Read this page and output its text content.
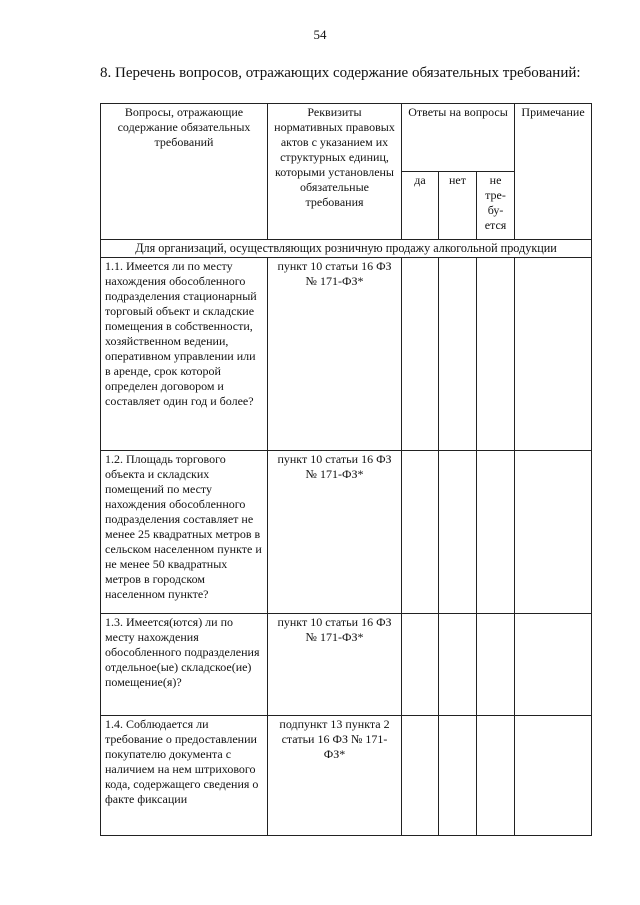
54
8. Перечень вопросов, отражающих содержание обязательных требований:
Вопросы, отражающие содержание обязательных требований	Реквизиты нормативных правовых актов с указанием их структурных единиц, которыми установлены обязательные требования	Ответы на вопросы			Примечание
		да	нет	не тре-бу-ется	
Для организаций, осуществляющих розничную продажу алкогольной продукции					
1.1. Имеется ли по месту нахождения обособленного подразделения стационарный торговый объект и складские помещения в собственности, хозяйственном ведении, оперативном управлении или в аренде, срок которой определен договором и составляет один год и более?	пункт 10 статьи 16 ФЗ № 171-ФЗ*				
1.2. Площадь торгового объекта и складских помещений по месту нахождения обособленного подразделения составляет не менее 25 квадратных метров в сельском населенном пункте и не менее 50 квадратных метров в городском населенном пункте?	пункт 10 статьи 16 ФЗ № 171-ФЗ*				
1.3. Имеется(ются) ли по месту нахождения обособленного подразделения отдельное(ые) складское(ие) помещение(я)?	пункт 10 статьи 16 ФЗ № 171-ФЗ*				
1.4. Соблюдается ли требование о предоставлении покупателю документа с наличием на нем штрихового кода, содержащего сведения о факте фиксации	подпункт 13 пункта 2 статьи 16 ФЗ № 171-ФЗ*				
